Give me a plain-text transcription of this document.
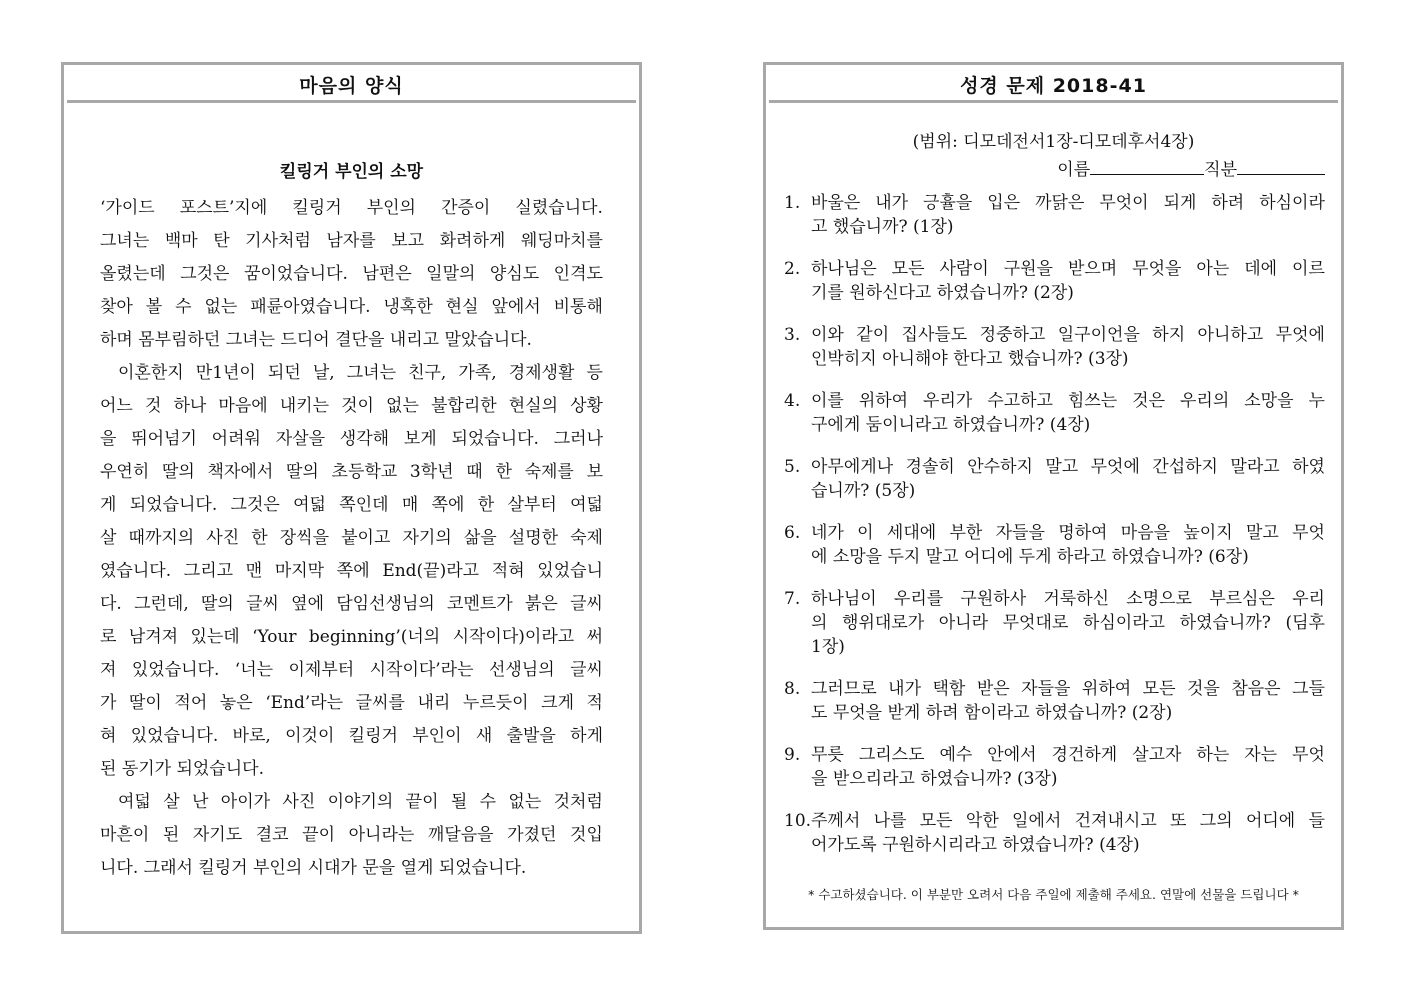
마음의 양식
킬링거 부인의 소망
‘가이드 포스트’지에 킬링거 부인의 간증이 실렸습니다.
그녀는 백마 탄 기사처럼 남자를 보고 화려하게 웨딩마치를
올렸는데 그것은 꿈이었습니다. 남편은 일말의 양심도 인격도
찾아 볼 수 없는 패륜아였습니다. 냉혹한 현실 앞에서 비통해
하며 몸부림하던 그녀는 드디어 결단을 내리고 말았습니다.
이혼한지 만1년이 되던 날, 그녀는 친구, 가족, 경제생활 등
어느 것 하나 마음에 내키는 것이 없는 불합리한 현실의 상황
을 뛰어넘기 어려워 자살을 생각해 보게 되었습니다. 그러나
우연히 딸의 책자에서 딸의 초등학교 3학년 때 한 숙제를 보
게 되었습니다. 그것은 여덟 쪽인데 매 쪽에 한 살부터 여덟
살 때까지의 사진 한 장씩을 붙이고 자기의 삶을 설명한 숙제
였습니다. 그리고 맨 마지막 쪽에 End(끝)라고 적혀 있었습니
다. 그런데, 딸의 글씨 옆에 담임선생님의 코멘트가 붉은 글씨
로 남겨져 있는데 ‘Your beginning’(너의 시작이다)이라고 써
져 있었습니다. ‘너는 이제부터 시작이다’라는 선생님의 글씨
가 딸이 적어 놓은 ‘End’라는 글씨를 내리 누르듯이 크게 적
혀 있었습니다. 바로, 이것이 킬링거 부인이 새 출발을 하게
된 동기가 되었습니다.
여덟 살 난 아이가 사진 이야기의 끝이 될 수 없는 것처럼
마흔이 된 자기도 결코 끝이 아니라는 깨달음을 가졌던 것입
니다. 그래서 킬링거 부인의 시대가 문을 열게 되었습니다.
성경 문제 2018-41
(범위: 디모데전서1장-디모데후서4장)
이름	직분
1. 바울은 내가 긍휼을 입은 까닭은 무엇이 되게 하려 하심이라
고 했습니까? (1장)
2. 하나님은 모든 사람이 구원을 받으며 무엇을 아는 데에 이르
기를 원하신다고 하였습니까? (2장)
3. 이와 같이 집사들도 정중하고 일구이언을 하지 아니하고 무엇에
인박히지 아니해야 한다고 했습니까? (3장)
4. 이를 위하여 우리가 수고하고 힘쓰는 것은 우리의 소망을 누
구에게 둠이니라고 하였습니까? (4장)
5. 아무에게나 경솔히 안수하지 말고 무엇에 간섭하지 말라고 하였
습니까? (5장)
6. 네가 이 세대에 부한 자들을 명하여 마음을 높이지 말고 무엇
에 소망을 두지 말고 어디에 두게 하라고 하였습니까? (6장)
7. 하나님이 우리를 구원하사 거룩하신 소명으로 부르심은 우리
의 행위대로가 아니라 무엇대로 하심이라고 하였습니까? (딤후
1장)
8. 그러므로 내가 택함 받은 자들을 위하여 모든 것을 참음은 그들
도 무엇을 받게 하려 함이라고 하였습니까? (2장)
9. 무릇 그리스도 예수 안에서 경건하게 살고자 하는 자는 무엇
을 받으리라고 하였습니까? (3장)
10. 주께서 나를 모든 악한 일에서 건져내시고 또 그의 어디에 들
어가도록 구원하시리라고 하였습니까? (4장)
* 수고하셨습니다. 이 부분만 오려서 다음 주일에 제출해 주세요. 연말에 선물을 드립니다 *
